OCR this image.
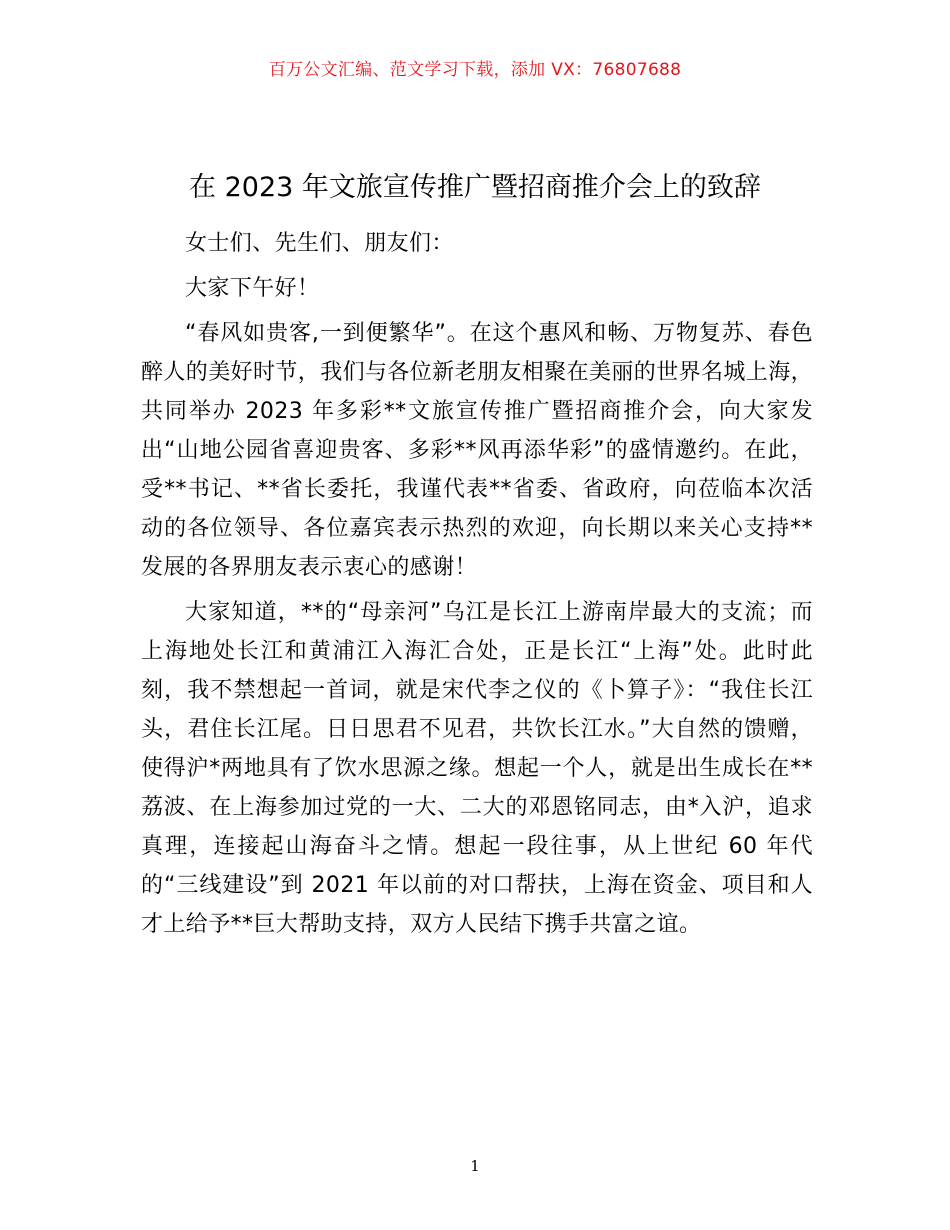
百万公文汇编、范文学习下载，添加 VX：76807688
在 2023 年文旅宣传推广暨招商推介会上的致辞

女士们、先生们、朋友们：

大家下午好！

“春风如贵客,一到便繁华”。在这个惠风和畅、万物复苏、春色醉人的美好时节，我们与各位新老朋友相聚在美丽的世界名城上海，共同举办 2023 年多彩**文旅宣传推广暨招商推介会，向大家发出“山地公园省喜迎贵客、多彩**风再添华彩”的盛情邀约。在此，受**书记、**省长委托，我谨代表**省委、省政府，向莅临本次活动的各位领导、各位嘉宾表示热烈的欢迎，向长期以来关心支持**发展的各界朋友表示衷心的感谢！

大家知道，**的“母亲河”乌江是长江上游南岸最大的支流；而上海地处长江和黄浦江入海汇合处，正是长江“上海”处。此时此刻，我不禁想起一首词，就是宋代李之仪的《卜算子》：“我住长江头，君住长江尾。日日思君不见君，共饮长江水。”大自然的馈赠，使得沪*两地具有了饮水思源之缘。想起一个人，就是出生成长在**荔波、在上海参加过党的一大、二大的邓恩铭同志，由*入沪，追求真理，连接起山海奋斗之情。想起一段往事，从上世纪 60 年代的“三线建设”到 2021 年以前的对口帮扶，上海在资金、项目和人才上给予**巨大帮助支持，双方人民结下携手共富之谊。

1
